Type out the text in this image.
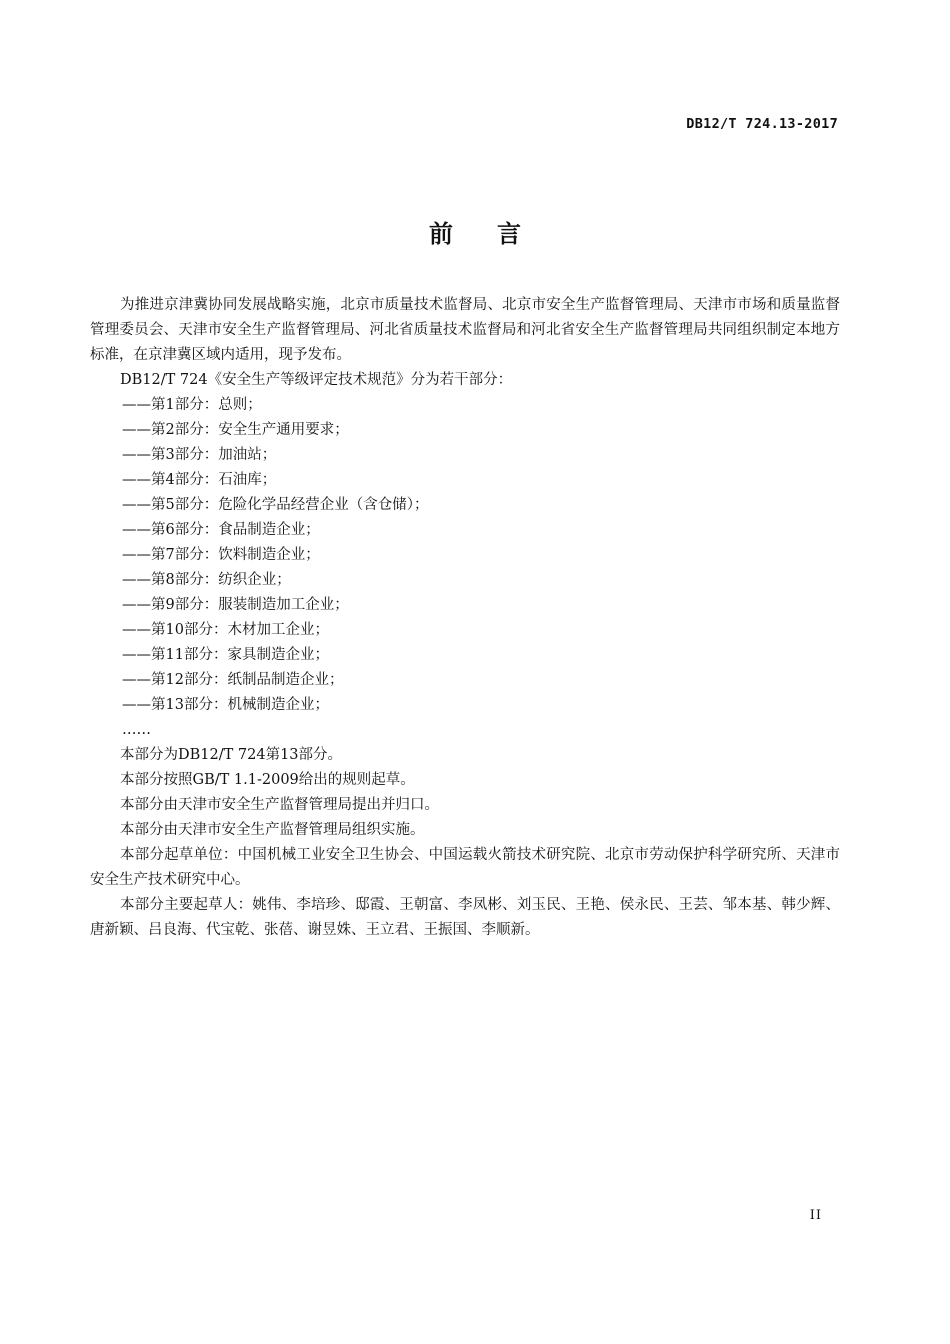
DB12/T 724.13-2017
前言

为推进京津冀协同发展战略实施，北京市质量技术监督局、北京市安全生产监督管理局、天津市市场和质量监督管理委员会、天津市安全生产监督管理局、河北省质量技术监督局和河北省安全生产监督管理局共同组织制定本地方标准，在京津冀区域内适用，现予发布。

DB12/T 724《安全生产等级评定技术规范》分为若干部分：

——第1部分：总则；

——第2部分：安全生产通用要求；

——第3部分：加油站；

——第4部分：石油库；

——第5部分：危险化学品经营企业（含仓储）；

——第6部分：食品制造企业；

——第7部分：饮料制造企业；

——第8部分：纺织企业；

——第9部分：服装制造加工企业；

——第10部分：木材加工企业；

——第11部分：家具制造企业；

——第12部分：纸制品制造企业；

——第13部分：机械制造企业；

……

本部分为DB12/T 724第13部分。

本部分按照GB/T 1.1-2009给出的规则起草。

本部分由天津市安全生产监督管理局提出并归口。

本部分由天津市安全生产监督管理局组织实施。

本部分起草单位：中国机械工业安全卫生协会、中国运载火箭技术研究院、北京市劳动保护科学研究所、天津市安全生产技术研究中心。

本部分主要起草人：姚伟、李培珍、邸霞、王朝富、李凤彬、刘玉民、王艳、侯永民、王芸、邹本基、韩少辉、唐新颖、吕良海、代宝乾、张蓓、谢昱姝、王立君、王振国、李顺新。

II
